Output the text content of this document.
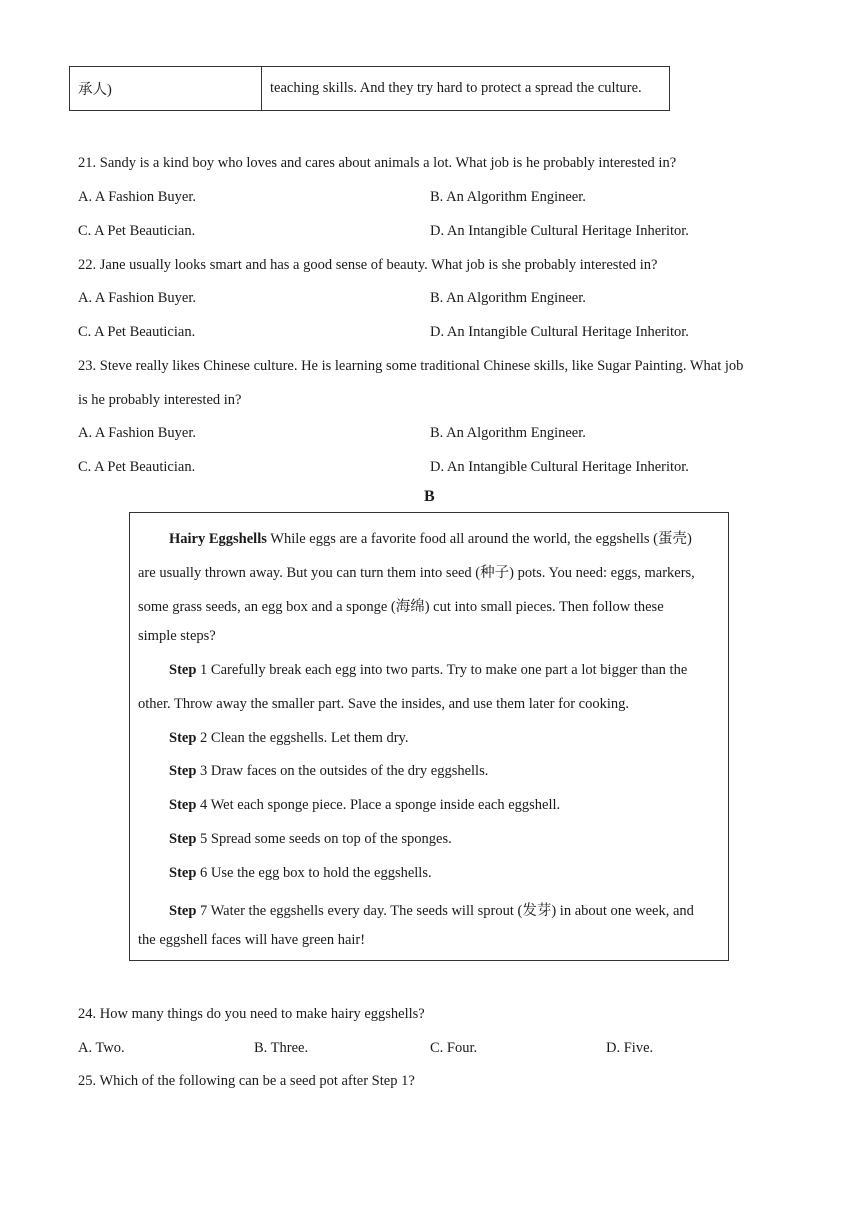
承人)	teaching skills. And they try hard to protect a spread the culture.
21. Sandy is a kind boy who loves and cares about animals a lot. What job is he probably interested in?
A. A Fashion Buyer.	B. An Algorithm Engineer.
C. A Pet Beautician.	D. An Intangible Cultural Heritage Inheritor.
22. Jane usually looks smart and has a good sense of beauty. What job is she probably interested in?
A. A Fashion Buyer.	B. An Algorithm Engineer.
C. A Pet Beautician.	D. An Intangible Cultural Heritage Inheritor.
23. Steve really likes Chinese culture. He is learning some traditional Chinese skills, like Sugar Painting. What job
is he probably interested in?
A. A Fashion Buyer.	B. An Algorithm Engineer.
C. A Pet Beautician.	D. An Intangible Cultural Heritage Inheritor.
B
Hairy Eggshells While eggs are a favorite food all around the world, the eggshells (蛋壳)
are usually thrown away. But you can turn them into seed (种子) pots. You need: eggs, markers,
some grass seeds, an egg box and a sponge (海绵) cut into small pieces. Then follow these
simple steps?
Step 1 Carefully break each egg into two parts. Try to make one part a lot bigger than the
other. Throw away the smaller part. Save the insides, and use them later for cooking.
Step 2 Clean the eggshells. Let them dry.
Step 3 Draw faces on the outsides of the dry eggshells.
Step 4 Wet each sponge piece. Place a sponge inside each eggshell.
Step 5 Spread some seeds on top of the sponges.
Step 6 Use the egg box to hold the eggshells.
Step 7 Water the eggshells every day. The seeds will sprout (发芽) in about one week, and
the eggshell faces will have green hair!
24. How many things do you need to make hairy eggshells?
A. Two.	B. Three.	C. Four.	D. Five.
25. Which of the following can be a seed pot after Step 1?
